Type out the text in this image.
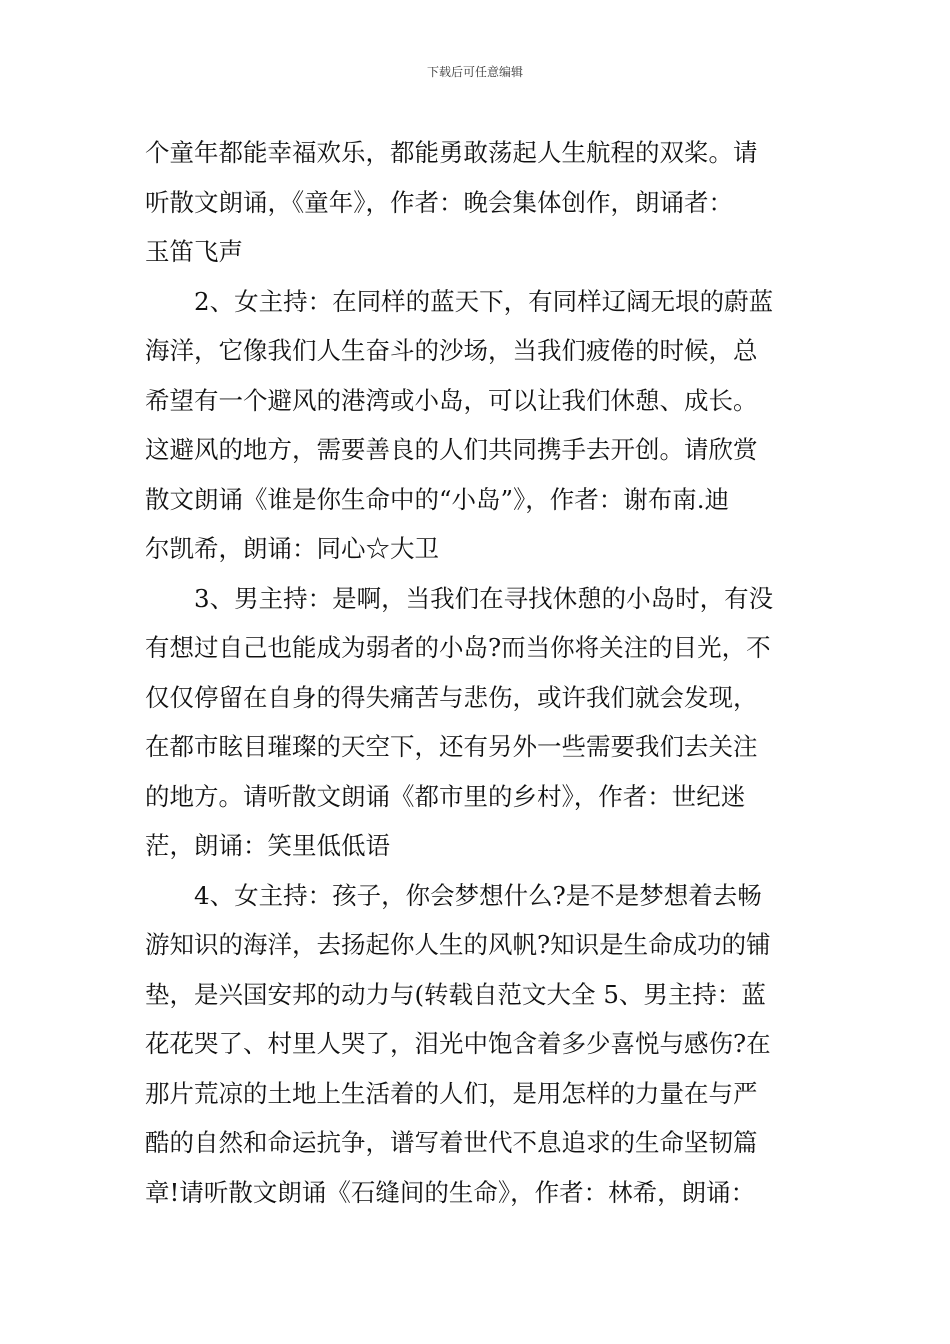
下载后可任意编辑
个童年都能幸福欢乐，都能勇敢荡起人生航程的双桨。请
听散文朗诵，《童年》，作者：晚会集体创作，朗诵者：
玉笛飞声
2、女主持：在同样的蓝天下，有同样辽阔无垠的蔚蓝
海洋，它像我们人生奋斗的沙场，当我们疲倦的时候，总
希望有一个避风的港湾或小岛，可以让我们休憩、成长。
这避风的地方，需要善良的人们共同携手去开创。请欣赏
散文朗诵《谁是你生命中的“小岛”》，作者：谢布南.迪
尔凯希，朗诵：同心☆大卫
3、男主持：是啊，当我们在寻找休憩的小岛时，有没
有想过自己也能成为弱者的小岛?而当你将关注的目光，不
仅仅停留在自身的得失痛苦与悲伤，或许我们就会发现，
在都市眩目璀璨的天空下，还有另外一些需要我们去关注
的地方。请听散文朗诵《都市里的乡村》，作者：世纪迷
茫，朗诵：笑里低低语
4、女主持：孩子，你会梦想什么?是不是梦想着去畅
游知识的海洋，去扬起你人生的风帆?知识是生命成功的铺
垫，是兴国安邦的动力与(转载自范文大全 5、男主持：蓝
花花哭了、村里人哭了，泪光中饱含着多少喜悦与感伤?在
那片荒凉的土地上生活着的人们，是用怎样的力量在与严
酷的自然和命运抗争，谱写着世代不息追求的生命坚韧篇
章!请听散文朗诵《石缝间的生命》，作者：林希，朗诵：
